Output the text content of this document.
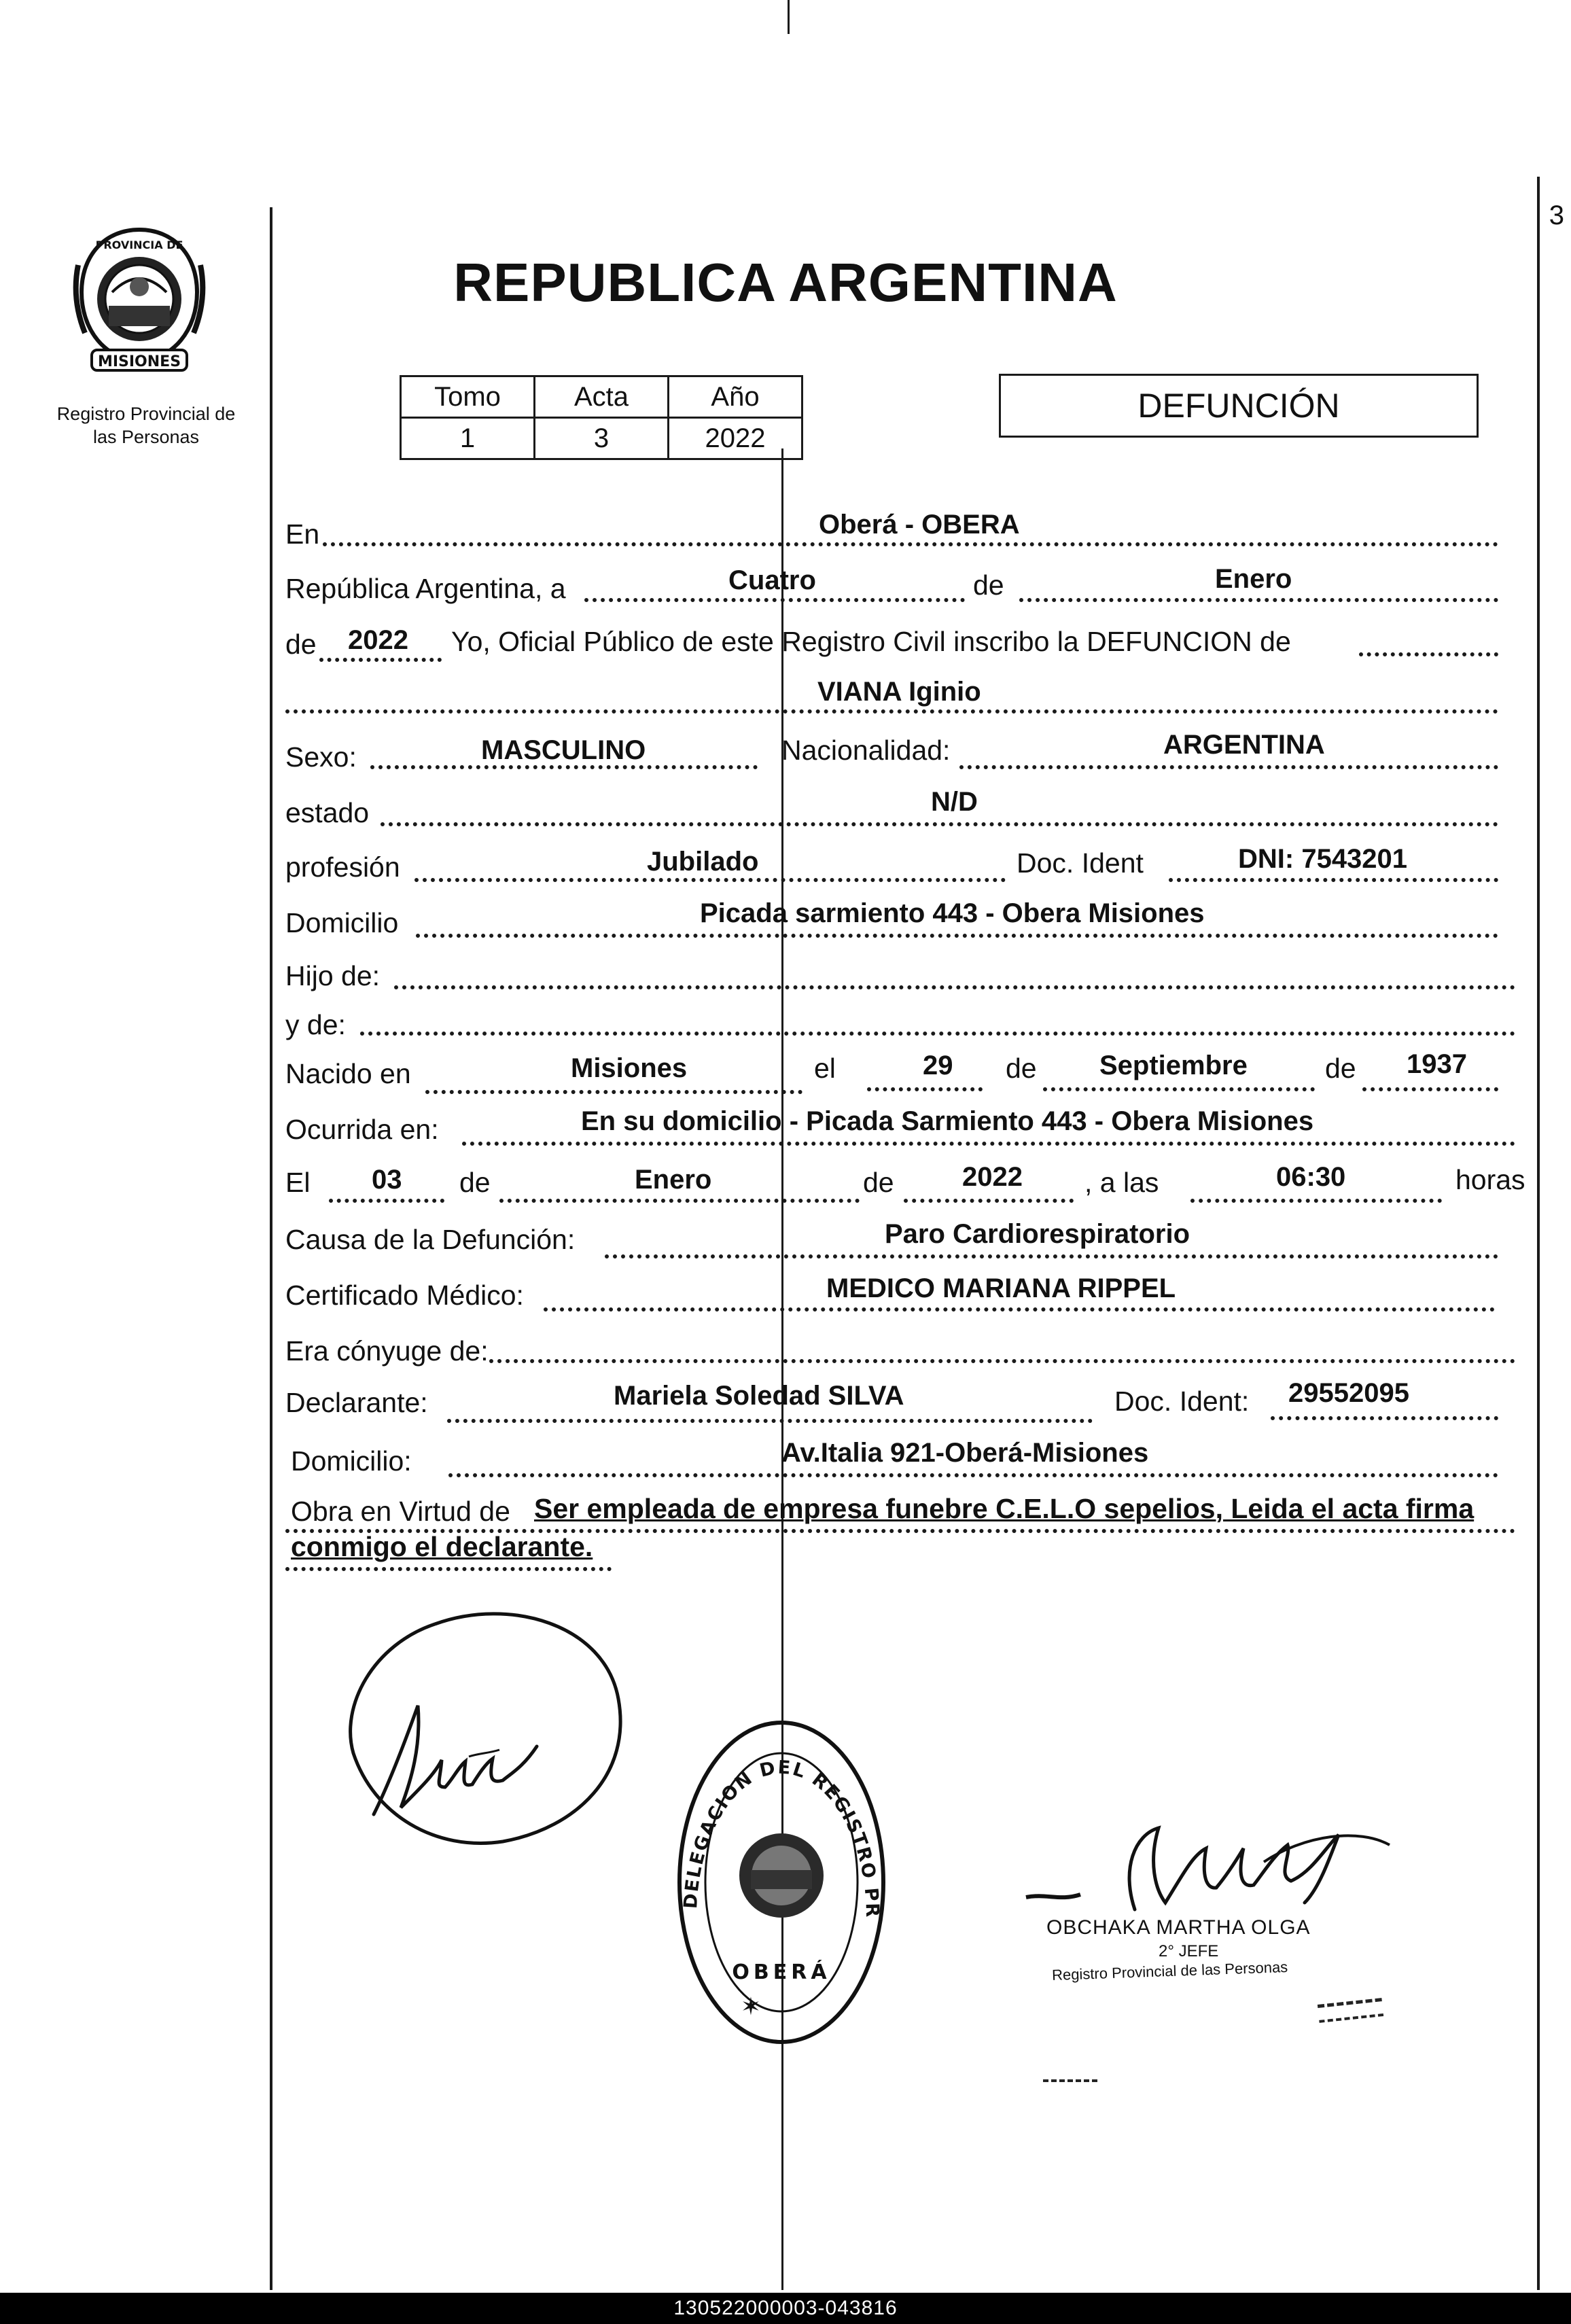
3
MISIONES
PROVINCIA DE
Registro Provincial de
las Personas
REPUBLICA ARGENTINA
Tomo	Acta	Año
1	3	2022
DEFUNCIÓN
En	Oberá - OBERA
República Argentina, a	Cuatro	de	Enero
de 2022 Yo, Oficial Público de este Registro Civil inscribo la DEFUNCION de
VIANA Iginio
Sexo:	MASCULINO	Nacionalidad:	ARGENTINA
estado	N/D
profesión	Jubilado	Doc. Ident	DNI: 7543201
Domicilio	Picada sarmiento 443 - Obera Misiones
Hijo de:
y de:
Nacido en	Misiones	el	29 de Septiembre	de 1937
Ocurrida en:	En su domicilio - Picada Sarmiento 443 - Obera Misiones
El 03 de	Enero	de	2022 , a las	06:30	horas
Causa de la Defunción:	Paro Cardiorespiratorio
Certificado Médico:	MEDICO MARIANA RIPPEL
Era cónyuge de:
Declarante:	Mariela Soledad SILVA	Doc. Ident: 29552095
Domicilio:	Av.Italia 921-Oberá-Misiones
Obra en Virtud de Ser empleada de empresa funebre C.E.L.O sepelios, Leida el acta firma
conmigo el declarante.
DELEGACION DEL REGISTRO PR
OBERÁ
✶
OBCHAKA MARTHA OLGA
2° JEFE
Registro Provincial de las Personas
130522000003-043816
